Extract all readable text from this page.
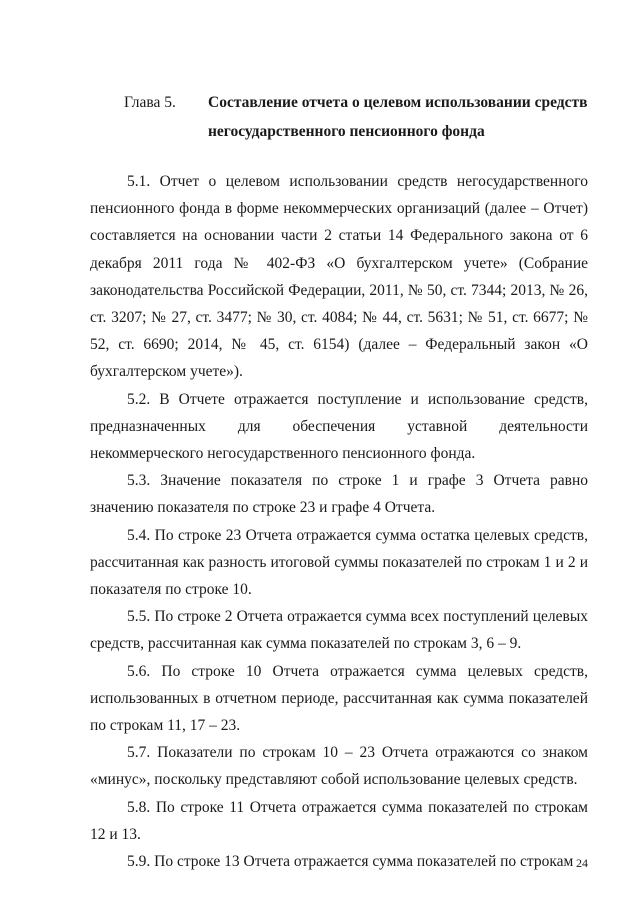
Глава 5. Составление отчета о целевом использовании средств негосударственного пенсионного фонда

5.1. Отчет о целевом использовании средств негосударственного пенсионного фонда в форме некоммерческих организаций (далее – Отчет) составляется на основании части 2 статьи 14 Федерального закона от 6 декабря 2011 года № 402-ФЗ «О бухгалтерском учете» (Собрание законодательства Российской Федерации, 2011, № 50, ст. 7344; 2013, № 26, ст. 3207; № 27, ст. 3477; № 30, ст. 4084; № 44, ст. 5631; № 51, ст. 6677; № 52, ст. 6690; 2014, № 45, ст. 6154) (далее – Федеральный закон «О бухгалтерском учете»).

5.2. В Отчете отражается поступление и использование средств, предназначенных для обеспечения уставной деятельности некоммерческого негосударственного пенсионного фонда.

5.3. Значение показателя по строке 1 и графе 3 Отчета равно значению показателя по строке 23 и графе 4 Отчета.

5.4. По строке 23 Отчета отражается сумма остатка целевых средств, рассчитанная как разность итоговой суммы показателей по строкам 1 и 2 и показателя по строке 10.

5.5. По строке 2 Отчета отражается сумма всех поступлений целевых средств, рассчитанная как сумма показателей по строкам 3, 6 – 9.

5.6. По строке 10 Отчета отражается сумма целевых средств, использованных в отчетном периоде, рассчитанная как сумма показателей по строкам 11, 17 – 23.

5.7. Показатели по строкам 10 – 23 Отчета отражаются со знаком «минус», поскольку представляют собой использование целевых средств.

5.8. По строке 11 Отчета отражается сумма показателей по строкам 12 и 13.

5.9. По строке 13 Отчета отражается сумма показателей по строкам 24
